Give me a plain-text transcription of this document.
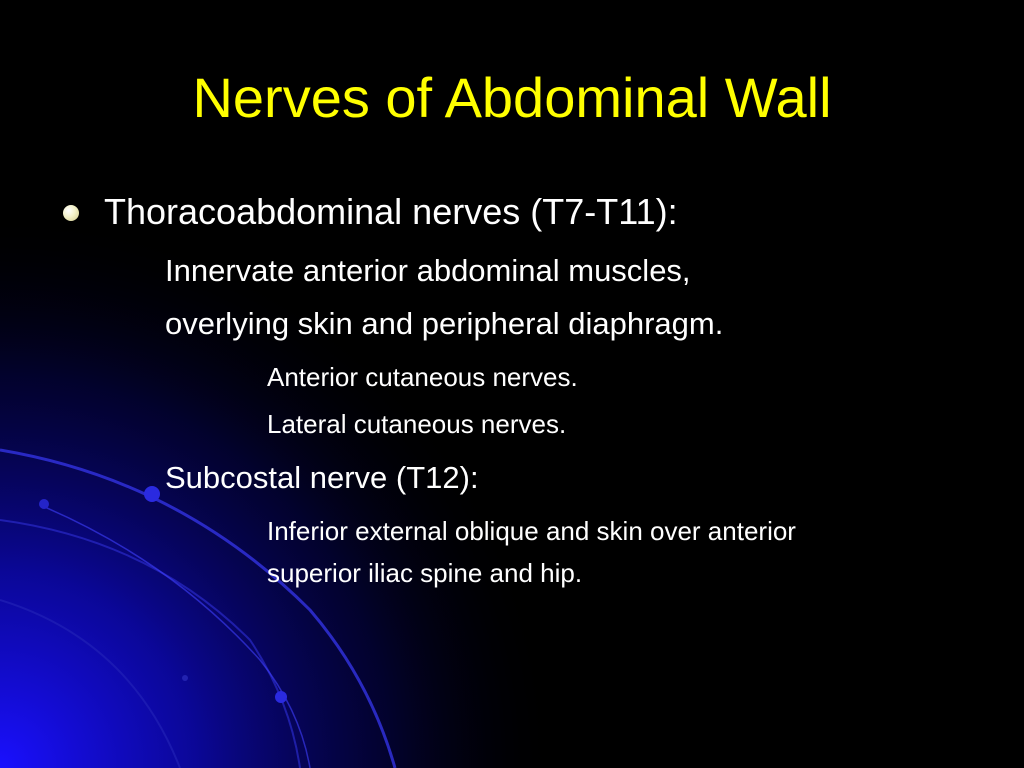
Nerves of Abdominal Wall
Thoracoabdominal nerves (T7-T11):
Innervate anterior abdominal muscles,
overlying skin and peripheral diaphragm.
Anterior cutaneous nerves.
Lateral cutaneous nerves.
Subcostal nerve (T12):
Inferior external oblique and skin over anterior
superior iliac spine and hip.
